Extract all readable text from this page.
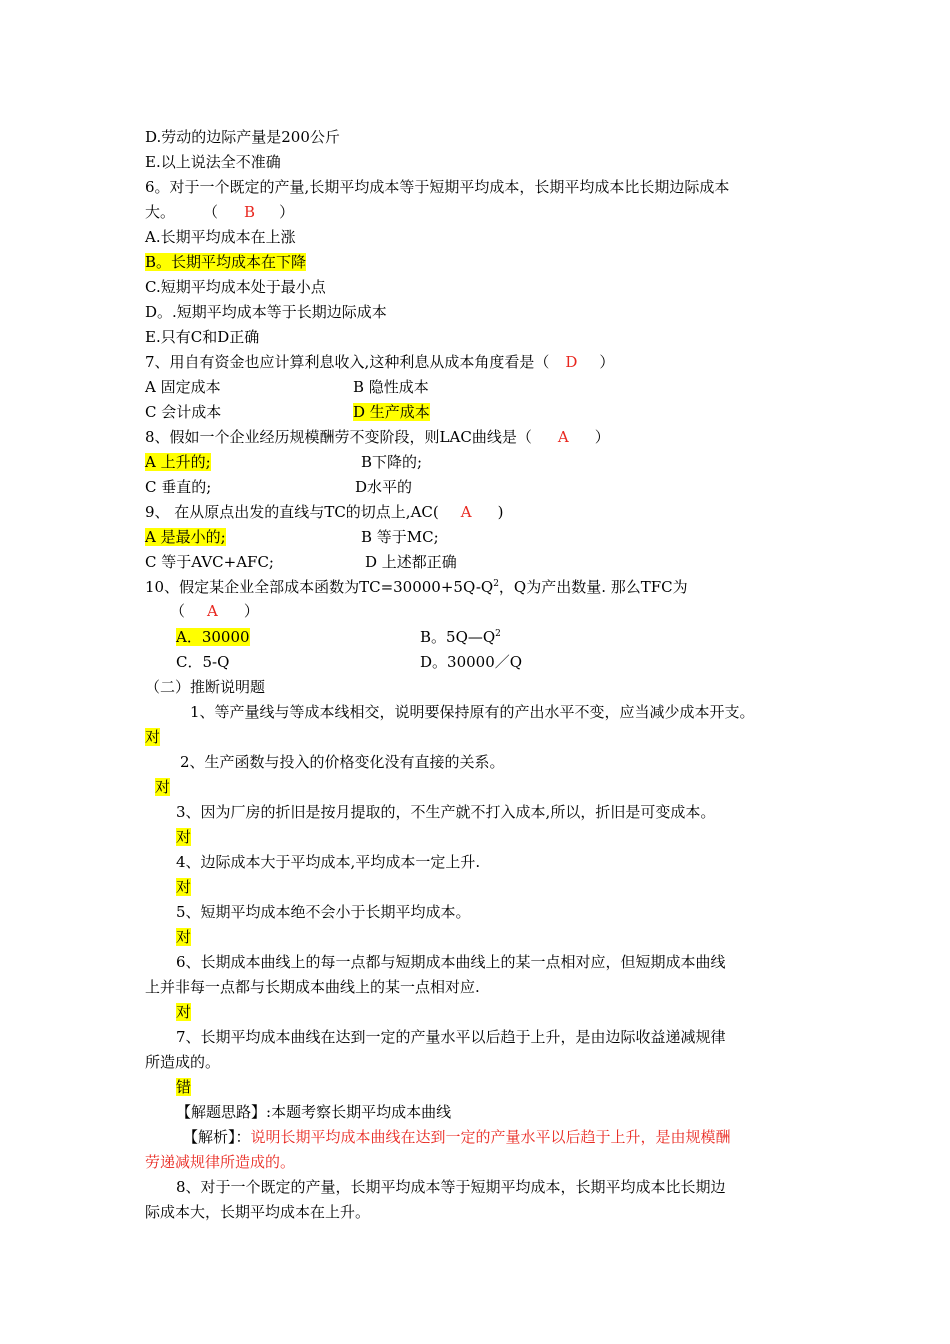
D.劳动的边际产量是200公斤
E.以上说法全不准确
6。对于一个既定的产量,长期平均成本等于短期平均成本，长期平均成本比长期边际成本
大。 （ B ）
A.长期平均成本在上涨
B。长期平均成本在下降
C.短期平均成本处于最小点
D。.短期平均成本等于长期边际成本
E.只有C和D正确
7、用自有资金也应计算利息收入,这种利息从成本角度看是（ D ）
A 固定成本	B 隐性成本
C 会计成本	D 生产成本
8、假如一个企业经历规模酬劳不变阶段，则LAC曲线是（ A ）
A 上升的;	B下降的;
C 垂直的;	D水平的
9、 在从原点出发的直线与TC的切点上,AC( A )
A 是最小的;	B 等于MC;
C 等于AVC+AFC;	D 上述都正确
10、假定某企业全部成本函数为$TC=30000+5Q-Q^2$，Q为产出数量. 那么TFC为
（ A ）
A．30000	B。$5Q—Q^2$
C．5-Q	D。30000／Q
（二）推断说明题
1、等产量线与等成本线相交，说明要保持原有的产出水平不变，应当减少成本开支。
对
2、生产函数与投入的价格变化没有直接的关系。
对
3、因为厂房的折旧是按月提取的，不生产就不打入成本,所以，折旧是可变成本。
对
4、边际成本大于平均成本,平均成本一定上升.
对
5、短期平均成本绝不会小于长期平均成本。
对
6、长期成本曲线上的每一点都与短期成本曲线上的某一点相对应，但短期成本曲线
上并非每一点都与长期成本曲线上的某一点相对应.
对
7、长期平均成本曲线在达到一定的产量水平以后趋于上升，是由边际收益递减规律
所造成的。
错
【解题思路】:本题考察长期平均成本曲线
【解析】：说明长期平均成本曲线在达到一定的产量水平以后趋于上升，是由规模酬
劳递减规律所造成的。
8、对于一个既定的产量，长期平均成本等于短期平均成本，长期平均成本比长期边
际成本大，长期平均成本在上升。
